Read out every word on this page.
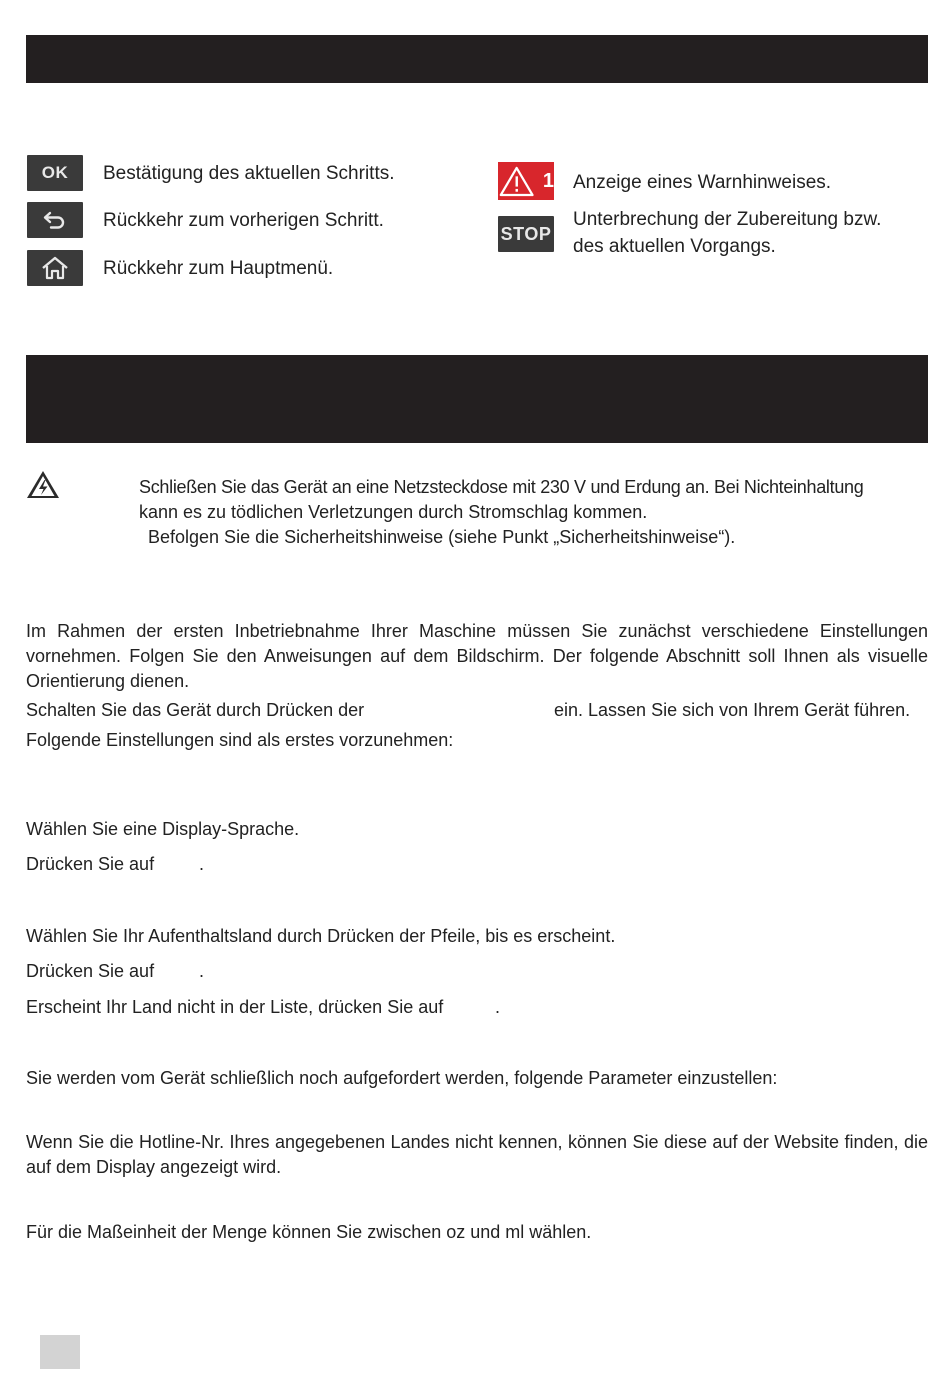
OK Bestätigung des aktuellen Schritts.
Rückkehr zum vorherigen Schritt.
Rückkehr zum Hauptmenü.
1 Anzeige eines Warnhinweises.
STOP
Unterbrechung der Zubereitung bzw.
des aktuellen Vorgangs.
Schließen Sie das Gerät an eine Netzsteckdose mit 230 V und Erdung an. Bei Nichteinhaltung
kann es zu tödlichen Verletzungen durch Stromschlag kommen.
Befolgen Sie die Sicherheitshinweise (siehe Punkt „Sicherheitshinweise“).
Im Rahmen der ersten Inbetriebnahme Ihrer Maschine müssen Sie zunächst verschiedene Einstellungen vornehmen. Folgen Sie den Anweisungen auf dem Bildschirm. Der folgende Abschnitt soll Ihnen als visuelle Orientierung dienen.
Schalten Sie das Gerät durch Drücken der	ein. Lassen Sie sich von Ihrem Gerät führen.
Folgende Einstellungen sind als erstes vorzunehmen:
Wählen Sie eine Display-Sprache.
Drücken Sie auf .
Wählen Sie Ihr Aufenthaltsland durch Drücken der Pfeile, bis es erscheint.
Drücken Sie auf .
Erscheint Ihr Land nicht in der Liste, drücken Sie auf	.
Sie werden vom Gerät schließlich noch aufgefordert werden, folgende Parameter einzustellen:
Wenn Sie die Hotline-Nr. Ihres angegebenen Landes nicht kennen, können Sie diese auf der Website finden, die auf dem Display angezeigt wird.
Für die Maßeinheit der Menge können Sie zwischen oz und ml wählen.
